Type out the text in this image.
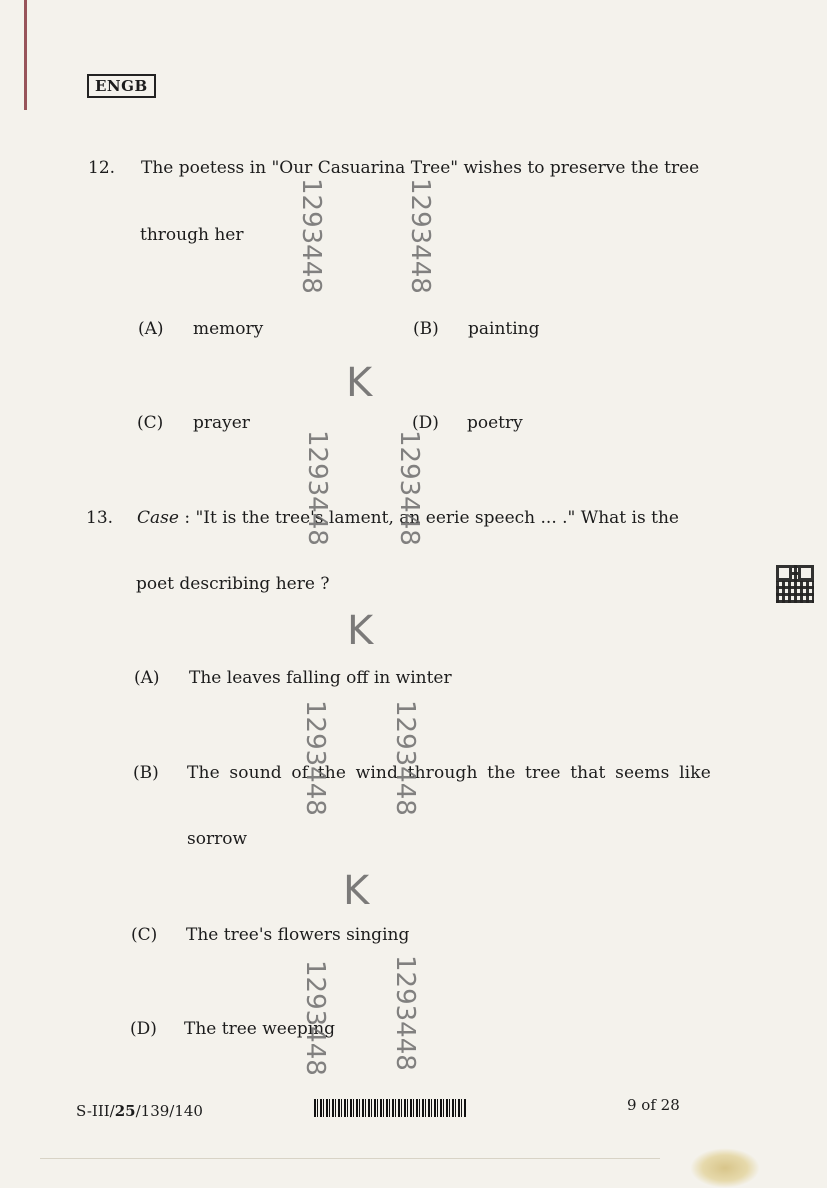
ENGB
12. The poetess in "Our Casuarina Tree" wishes to preserve the tree
through her
(A) memory	(B) painting
(C) prayer	(D) poetry
13. Case : "It is the tree's lament, an eerie speech ... ." What is the
poet describing here ?
(A) The leaves falling off in winter
(B) The sound of the wind through the tree that seems like
sorrow
(C) The tree's flowers singing
(D) The tree weeping
1293448	1293448
K
1293448 1293448
K
1293448 1293448
K
1293448 1293448
S-III/25/139/140	9 of 28
